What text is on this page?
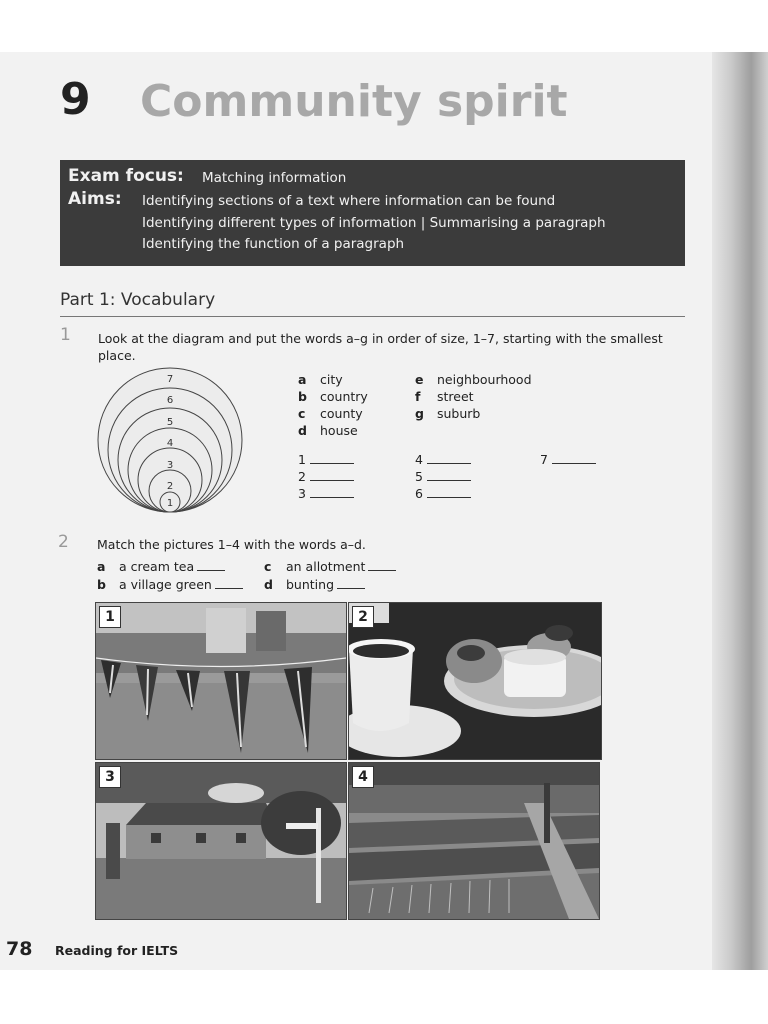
9 Community spirit
Exam focus: Matching information
Aims: Identifying sections of a text where information can be found
Identifying different types of information | Summarising a paragraph
Identifying the function of a paragraph
Part 1: Vocabulary
1 Look at the diagram and put the words a–g in order of size, 1–7, starting with the smallest place.
7
6
5
4
3
2
1
a city
b country
c county
d house
e neighbourhood
f street
g suburb
1
2
3
4
5
6
7
2 Match the pictures 1–4 with the words a–d.
a a cream tea
b a village green
c an allotment
d bunting
1	2
3	4
78 Reading for IELTS
